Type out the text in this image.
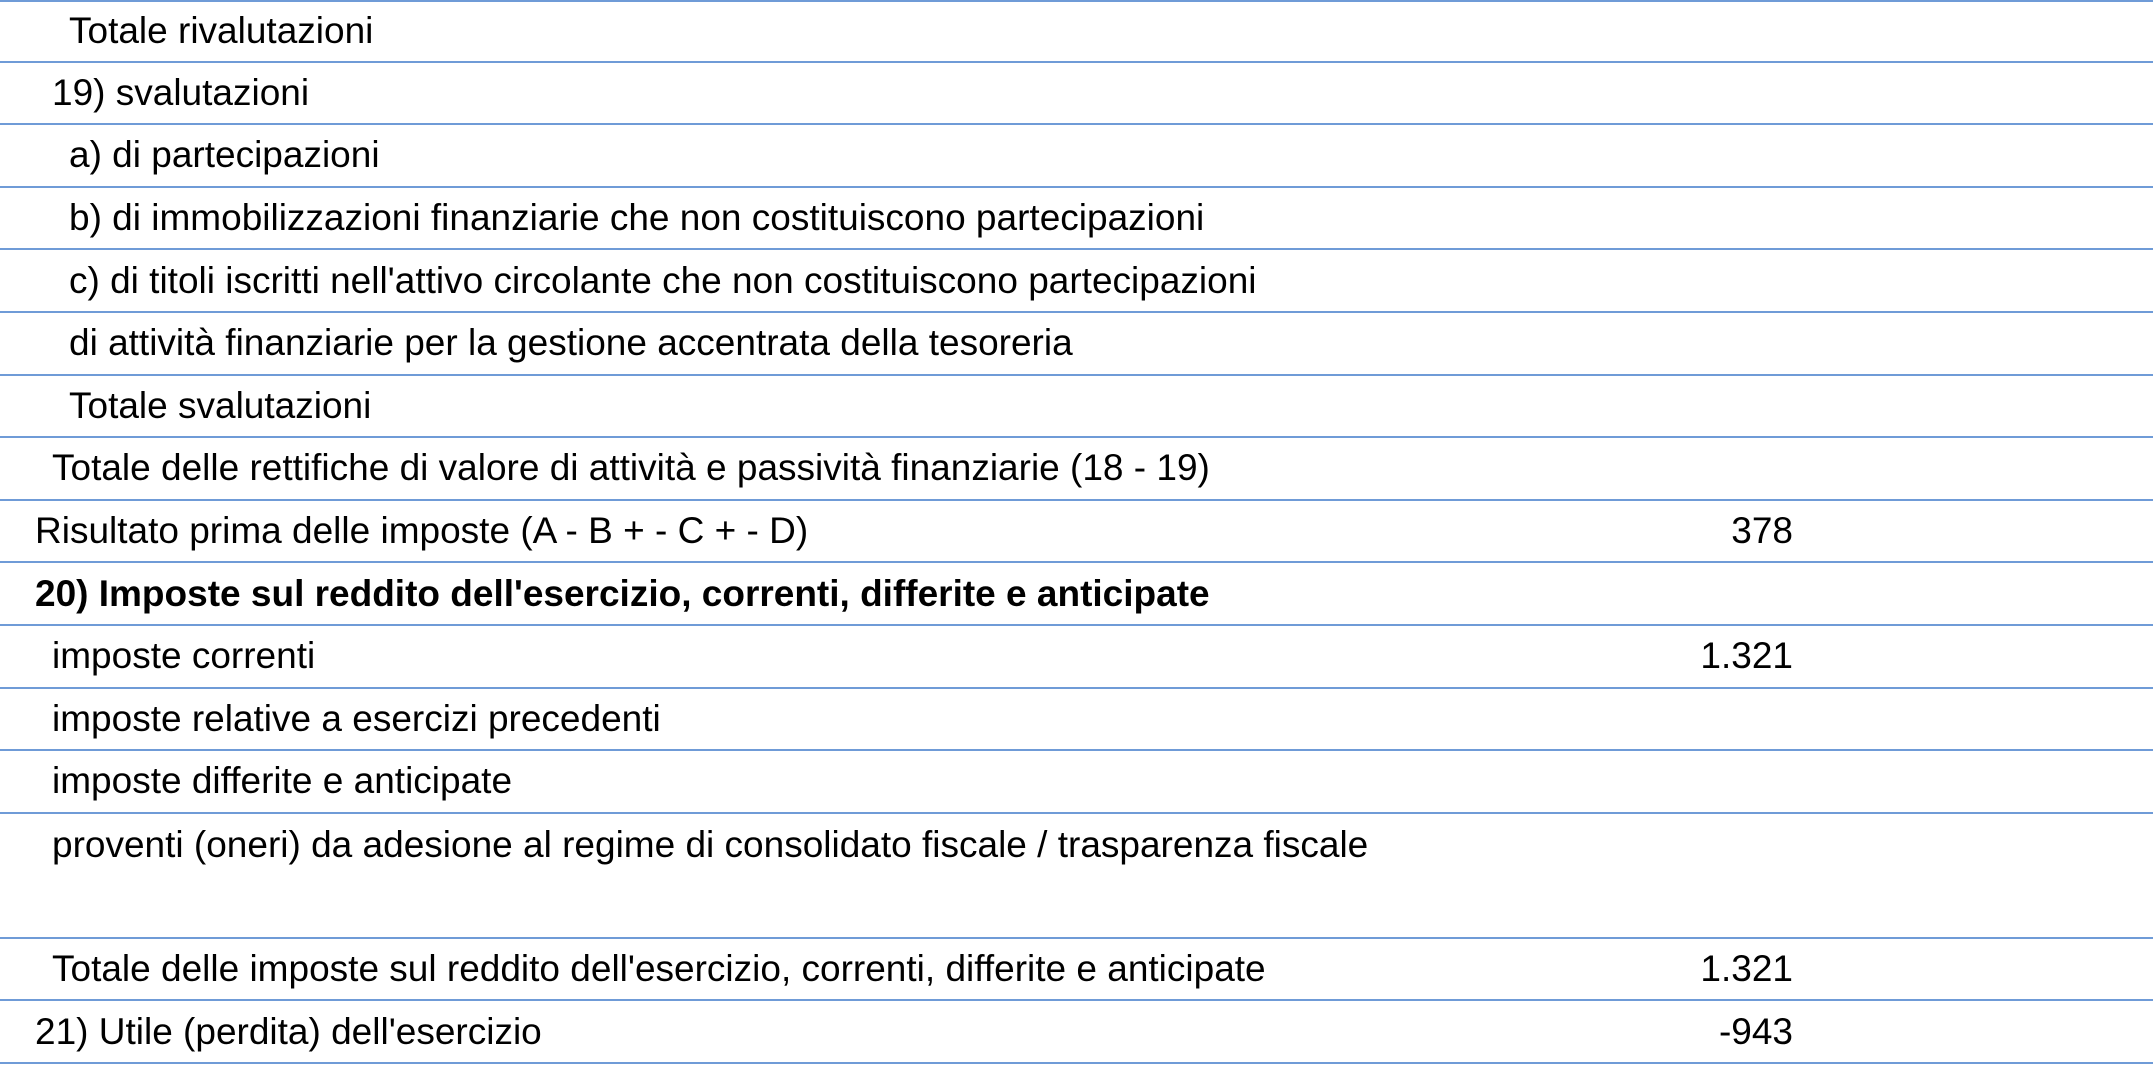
Totale rivalutazioni
19) svalutazioni
a) di partecipazioni
b) di immobilizzazioni finanziarie che non costituiscono partecipazioni
c) di titoli iscritti nell'attivo circolante che non costituiscono partecipazioni
di attività finanziarie per la gestione accentrata della tesoreria
Totale svalutazioni
Totale delle rettifiche di valore di attività e passività finanziarie (18 - 19)
Risultato prima delle imposte (A - B + - C + - D)	378
20) Imposte sul reddito dell'esercizio, correnti, differite e anticipate
imposte correnti	1.321
imposte relative a esercizi precedenti
imposte differite e anticipate
proventi (oneri) da adesione al regime di consolidato fiscale / trasparenza fiscale
Totale delle imposte sul reddito dell'esercizio, correnti, differite e anticipate	1.321
21) Utile (perdita) dell'esercizio	-943
